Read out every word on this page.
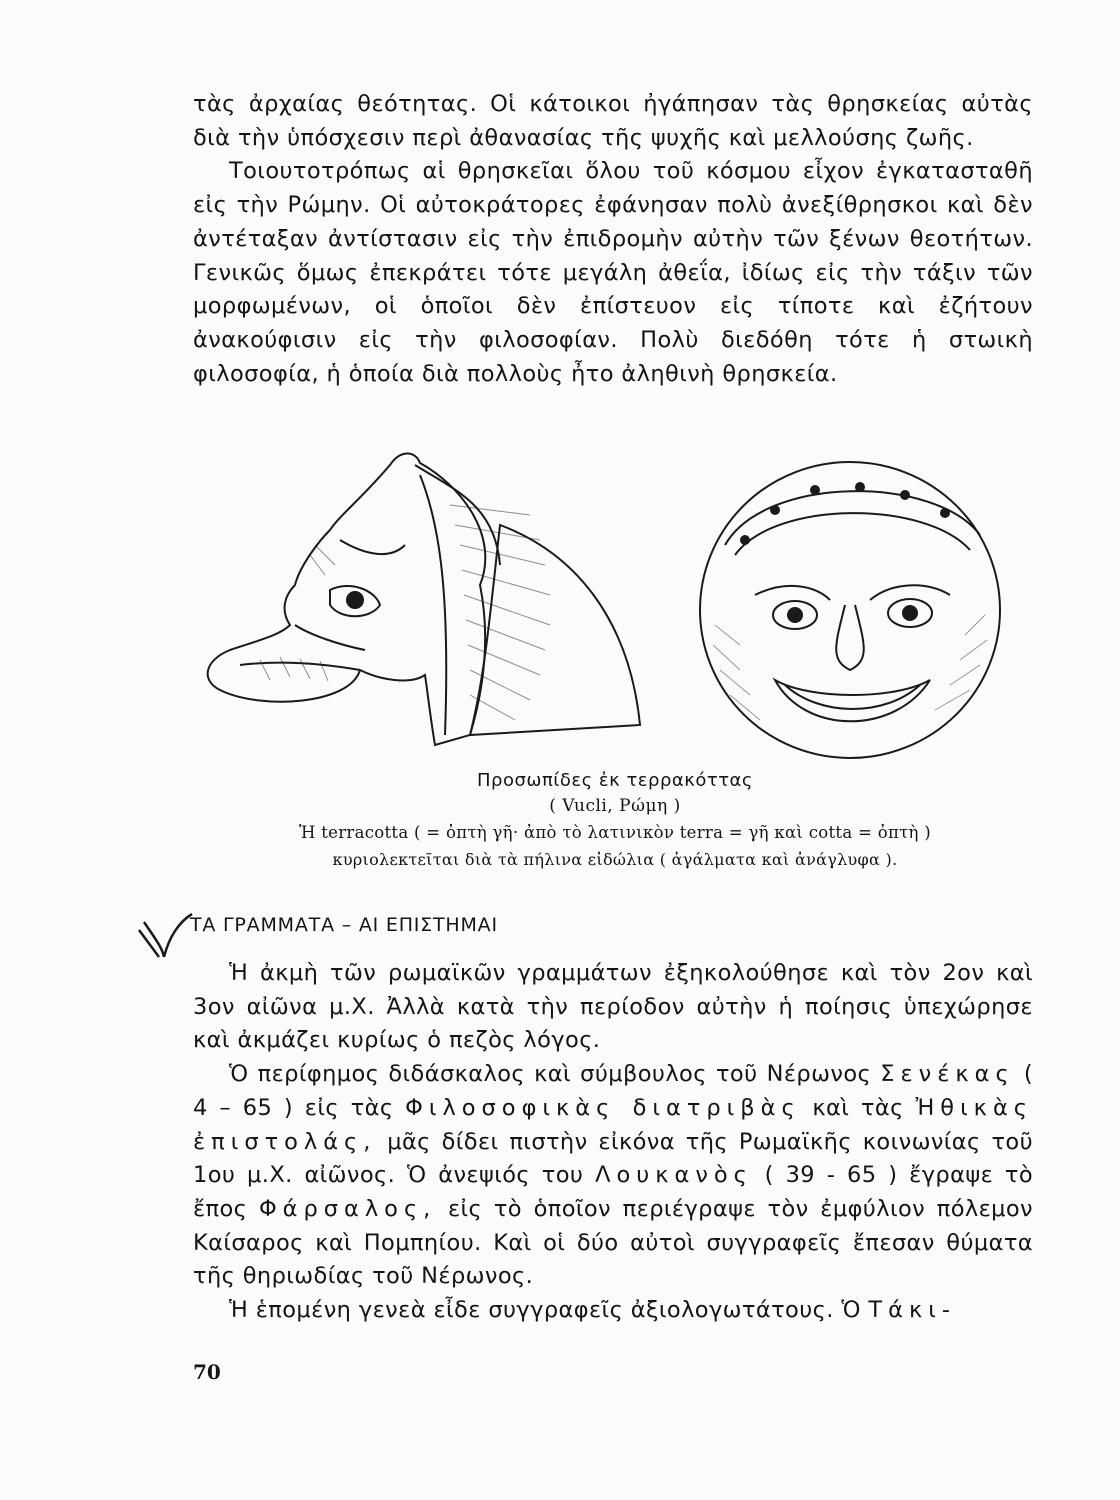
τὰς ἀρχαίας θεότητας. Οἱ κάτοικοι ἠγάπησαν τὰς θρησκείας αὐτὰς διὰ τὴν ὑπόσχεσιν περὶ ἀθανασίας τῆς ψυχῆς καὶ μελλούσης ζωῆς.

Τοιουτοτρόπως αἱ θρησκεῖαι ὅλου τοῦ κόσμου εἶχον ἐγκατασταθῆ εἰς τὴν Ρώμην. Οἱ αὐτοκράτορες ἐφάνησαν πολὺ ἀνεξίθρησκοι καὶ δὲν ἀντέταξαν ἀντίστασιν εἰς τὴν ἐπιδρομὴν αὐτὴν τῶν ξένων θεοτήτων. Γενικῶς ὅμως ἐπεκράτει τότε μεγάλη ἀθεΐα, ἰδίως εἰς τὴν τάξιν τῶν μορφωμένων, οἱ ὁποῖοι δὲν ἐπίστευον εἰς τίποτε καὶ ἐζήτουν ἀνακούφισιν εἰς τὴν φιλοσοφίαν. Πολὺ διεδόθη τότε ἡ στωικὴ φιλοσοφία, ἡ ὁποία διὰ πολλοὺς ἦτο ἀληθινὴ θρησκεία.

Προσωπίδες ἐκ τερρακόττας
( Vucli, Ρώμη )
Ἡ terracotta ( = ὀπτὴ γῆ· ἀπὸ τὸ λατινικὸν terra = γῆ καὶ cotta = ὀπτὴ )
κυριολεκτεῖται διὰ τὰ πήλινα εἰδώλια ( ἀγάλματα καὶ ἀνάγλυφα ).
ΤΑ ΓΡΑΜΜΑΤΑ – ΑΙ ΕΠΙΣΤΗΜΑΙ

Ἡ ἀκμὴ τῶν ρωμαϊκῶν γραμμάτων ἐξηκολούθησε καὶ τὸν 2ον καὶ 3ον αἰῶνα μ.Χ. Ἀλλὰ κατὰ τὴν περίοδον αὐτὴν ἡ ποίησις ὑπεχώρησε καὶ ἀκμάζει κυρίως ὁ πεζὸς λόγος.

Ὁ περίφημος διδάσκαλος καὶ σύμβουλος τοῦ Νέρωνος Σενέκας ( 4 – 65 ) εἰς τὰς Φιλοσοφικὰς διατριβὰς καὶ τὰς Ἠθικὰς ἐπιστολάς, μᾶς δίδει πιστὴν εἰκόνα τῆς Ρωμαϊκῆς κοινωνίας τοῦ 1ου μ.Χ. αἰῶνος. Ὁ ἀνεψιός του Λουκανὸς ( 39 - 65 ) ἔγραψε τὸ ἔπος Φάρσαλος, εἰς τὸ ὁποῖον περιέγραψε τὸν ἐμφύλιον πόλεμον Καίσαρος καὶ Πομπηίου. Καὶ οἱ δύο αὐτοὶ συγγραφεῖς ἔπεσαν θύματα τῆς θηριωδίας τοῦ Νέρωνος.

Ἡ ἑπομένη γενεὰ εἶδε συγγραφεῖς ἀξιολογωτάτους. Ὁ Τάκι-

70
